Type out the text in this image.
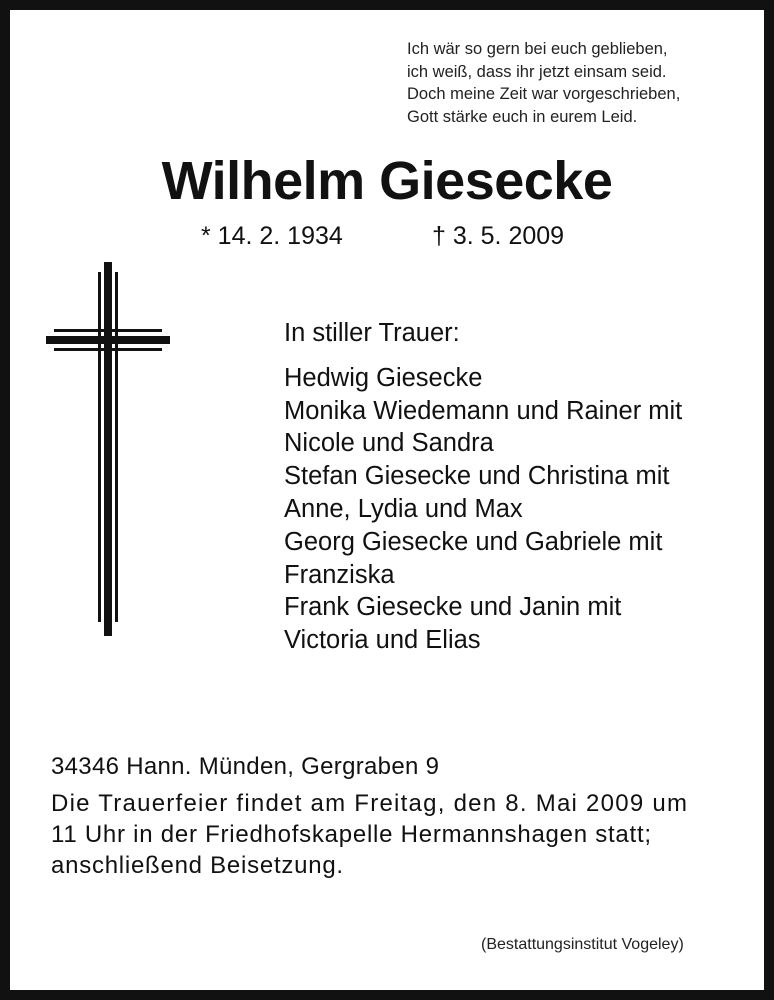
Ich wär so gern bei euch geblieben,
ich weiß, dass ihr jetzt einsam seid.
Doch meine Zeit war vorgeschrieben,
Gott stärke euch in eurem Leid.
Wilhelm Giesecke
* 14. 2. 1934	† 3. 5. 2009
In stiller Trauer:
Hedwig Giesecke
Monika Wiedemann und Rainer mit
Nicole und Sandra
Stefan Giesecke und Christina mit
Anne, Lydia und Max
Georg Giesecke und Gabriele mit
Franziska
Frank Giesecke und Janin mit
Victoria und Elias
34346 Hann. Münden, Gergraben 9
Die Trauerfeier findet am Freitag, den 8. Mai 2009 um
11 Uhr in der Friedhofskapelle Hermannshagen statt;
anschließend Beisetzung.
(Bestattungsinstitut Vogeley)
